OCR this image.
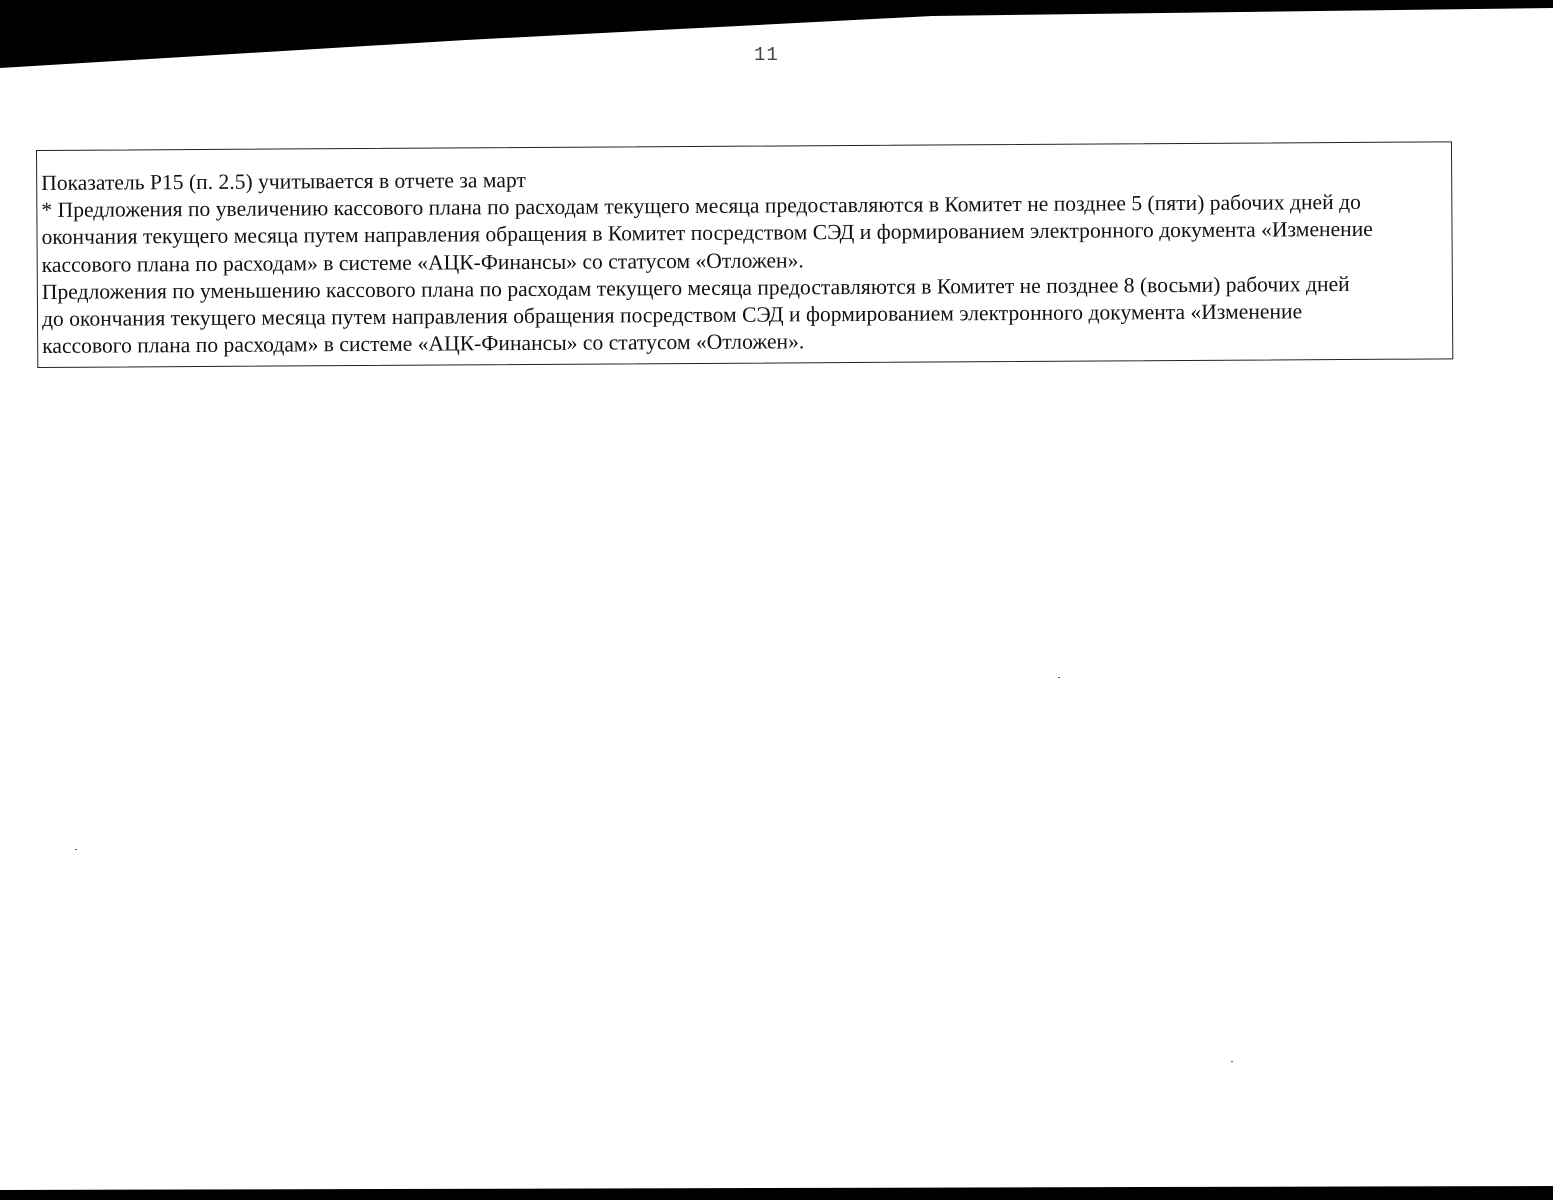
11

Показатель Р15 (п. 2.5) учитывается в отчете за март

* Предложения по увеличению кассового плана по расходам текущего месяца предоставляются в Комитет не позднее 5 (пяти) рабочих дней до

окончания текущего месяца путем направления обращения в Комитет посредством СЭД и формированием электронного документа «Изменение

кассового плана по расходам» в системе «АЦК-Финансы» со статусом «Отложен».

Предложения по уменьшению кассового плана по расходам текущего месяца предоставляются в Комитет не позднее 8 (восьми) рабочих дней

до окончания текущего месяца путем направления обращения посредством СЭД и формированием электронного документа «Изменение

кассового плана по расходам» в системе «АЦК-Финансы» со статусом «Отложен».
